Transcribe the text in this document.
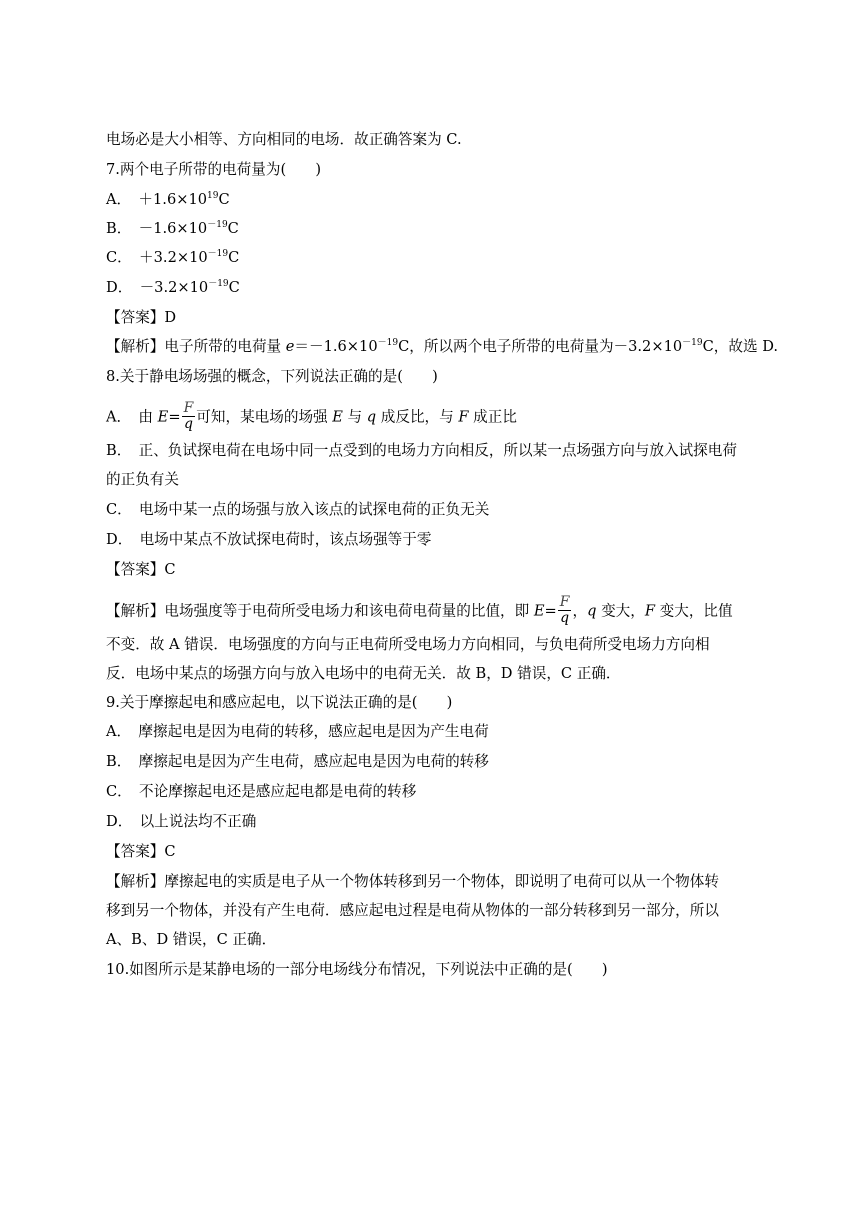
电场必是大小相等、方向相同的电场．故正确答案为 C.
7.两个电子所带的电荷量为(　　)
A．　$+1.6\times 10^{19}C$
B．　$-1.6\times 10^{-19}C$
C．　$+3.2\times 10^{-19}C$
D．　$-3.2\times 10^{-19}C$
【答案】D
【解析】电子所带的电荷量 $e=-1.6\times 10^{-19}C$，所以两个电子所带的电荷量为$-3.2\times 10^{-19}C$，故选 D.
8.关于静电场场强的概念，下列说法正确的是(　　)
A．　由 $E= \frac{F}{q}$ 可知，某电场的场强 E 与 q 成反比，与 F 成正比
B．　正、负试探电荷在电场中同一点受到的电场力方向相反，所以某一点场强方向与放入试探电荷
的正负有关
C．　电场中某一点的场强与放入该点的试探电荷的正负无关
D．　电场中某点不放试探电荷时，该点场强等于零
【答案】C
【解析】电场强度等于电荷所受电场力和该电荷电荷量的比值，即 $E= \frac{F}{q}$ ，q 变大，F 变大，比值
不变．故 A 错误．电场强度的方向与正电荷所受电场力方向相同，与负电荷所受电场力方向相
反．电场中某点的场强方向与放入电场中的电荷无关．故 B，D 错误，C 正确．
9.关于摩擦起电和感应起电，以下说法正确的是(　　)
A．　摩擦起电是因为电荷的转移，感应起电是因为产生电荷
B．　摩擦起电是因为产生电荷，感应起电是因为电荷的转移
C．　不论摩擦起电还是感应起电都是电荷的转移
D．　以上说法均不正确
【答案】C
【解析】摩擦起电的实质是电子从一个物体转移到另一个物体，即说明了电荷可以从一个物体转
移到另一个物体，并没有产生电荷．感应起电过程是电荷从物体的一部分转移到另一部分，所以
A、B、D 错误，C 正确．
10.如图所示是某静电场的一部分电场线分布情况，下列说法中正确的是(　　)
